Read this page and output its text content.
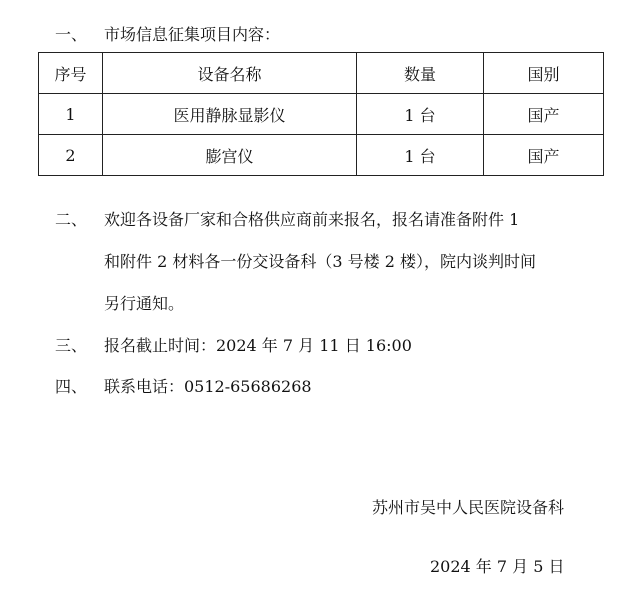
一、 市场信息征集项目内容：
序号	设备名称	数量	国别
1	医用静脉显影仪	1 台	国产
2	膨宫仪	1 台	国产
二、 欢迎各设备厂家和合格供应商前来报名，报名请准备附件 1
和附件 2 材料各一份交设备科（3 号楼 2 楼），院内谈判时间
另行通知。
三、 报名截止时间：2024 年 7 月 11 日 16:00
四、 联系电话：0512-65686268
苏州市吴中人民医院设备科
2024 年 7 月 5 日
